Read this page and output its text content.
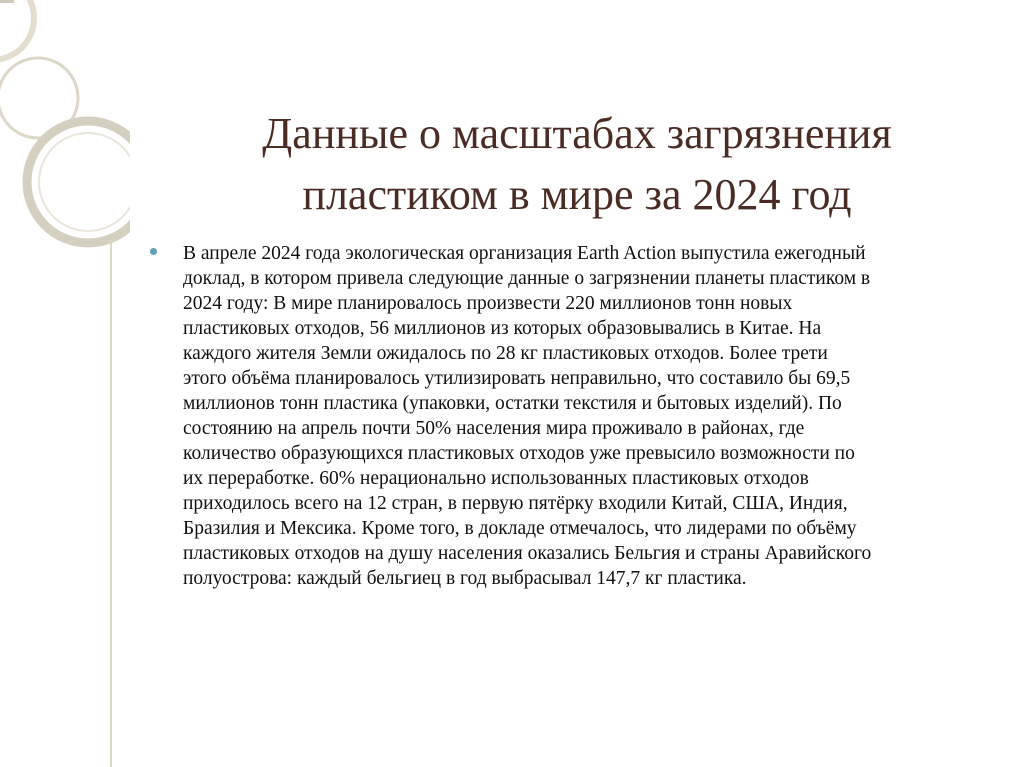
Данные о масштабах загрязнения
пластиком в мире за 2024 год

В апреле 2024 года экологическая организация Earth Action выпустила ежегодный
доклад, в котором привела следующие данные о загрязнении планеты пластиком в
2024 году: В мире планировалось произвести 220 миллионов тонн новых
пластиковых отходов, 56 миллионов из которых образовывались в Китае. На
каждого жителя Земли ожидалось по 28 кг пластиковых отходов. Более трети
этого объёма планировалось утилизировать неправильно, что составило бы 69,5
миллионов тонн пластика (упаковки, остатки текстиля и бытовых изделий). По
состоянию на апрель почти 50% населения мира проживало в районах, где
количество образующихся пластиковых отходов уже превысило возможности по
их переработке. 60% нерационально использованных пластиковых отходов
приходилось всего на 12 стран, в первую пятёрку входили Китай, США, Индия,
Бразилия и Мексика. Кроме того, в докладе отмечалось, что лидерами по объёму
пластиковых отходов на душу населения оказались Бельгия и страны Аравийского
полуострова: каждый бельгиец в год выбрасывал 147,7 кг пластика.
